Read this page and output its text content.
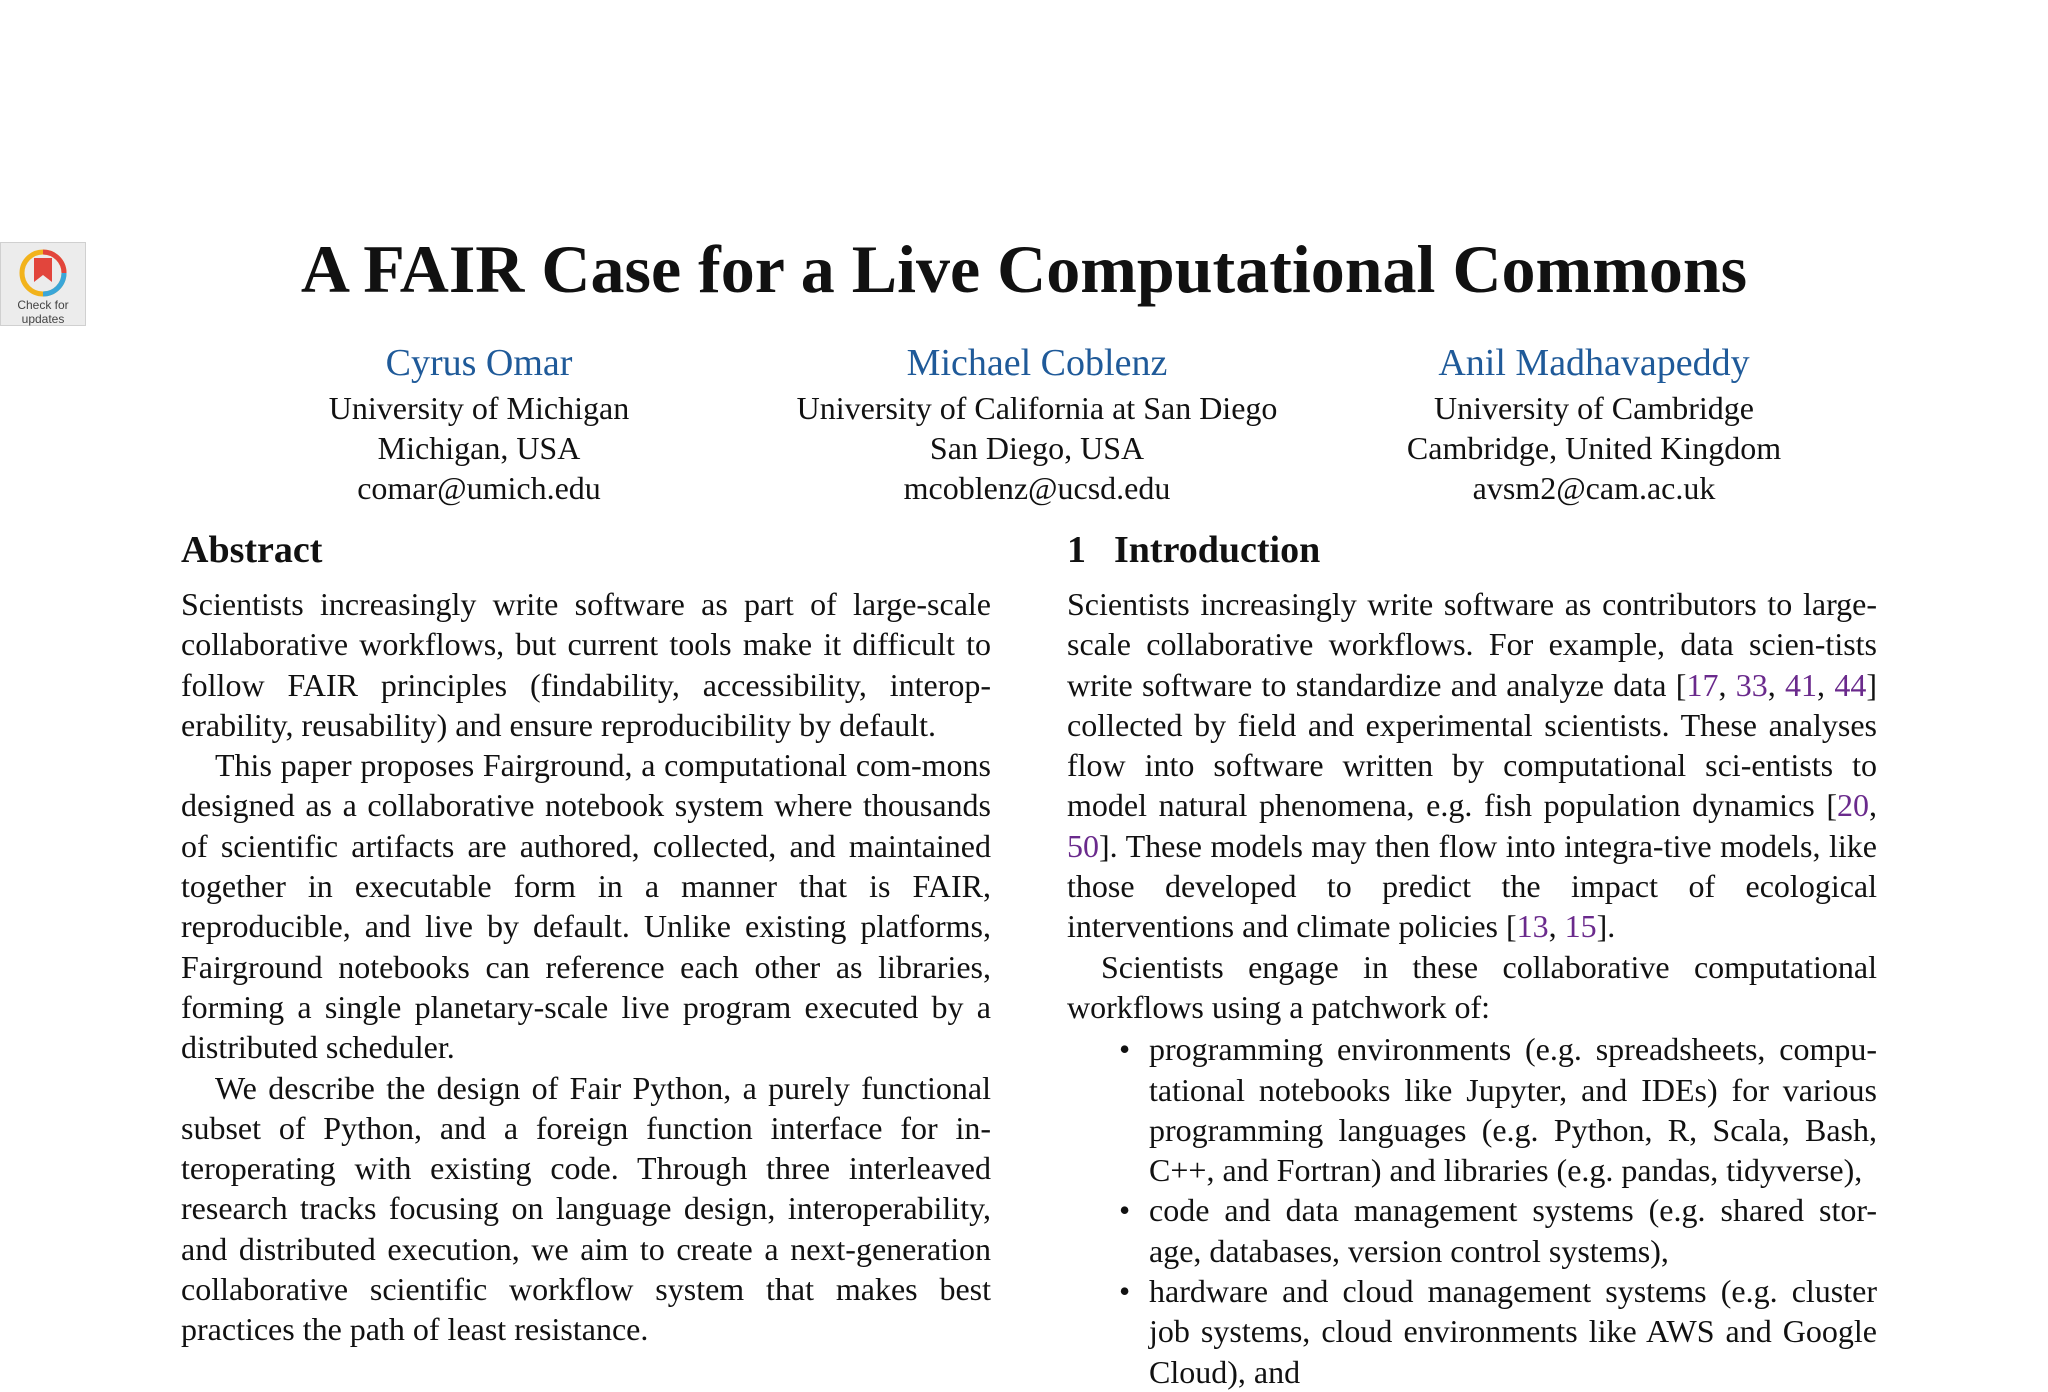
Check for
updates
A FAIR Case for a Live Computational Commons
Cyrus Omar
University of Michigan
Michigan, USA
comar@umich.edu
Michael Coblenz
University of California at San Diego
San Diego, USA
mcoblenz@ucsd.edu
Anil Madhavapeddy
University of Cambridge
Cambridge, United Kingdom
avsm2@cam.ac.uk
Abstract

Scientists increasingly write software as part of large-scale collaborative workflows, but current tools make it difficult to follow FAIR principles (findability, accessibility, interop-erability, reusability) and ensure reproducibility by default.

This paper proposes Fairground, a computational com-mons designed as a collaborative notebook system where thousands of scientific artifacts are authored, collected, and maintained together in executable form in a manner that is FAIR, reproducible, and live by default. Unlike existing platforms, Fairground notebooks can reference each other as libraries, forming a single planetary-scale live program executed by a distributed scheduler.

We describe the design of Fair Python, a purely functional subset of Python, and a foreign function interface for in-teroperating with existing code. Through three interleaved research tracks focusing on language design, interoperability, and distributed execution, we aim to create a next-generation collaborative scientific workflow system that makes best practices the path of least resistance.

1 Introduction

Scientists increasingly write software as contributors to large-scale collaborative workflows. For example, data scien-tists write software to standardize and analyze data [17, 33, 41, 44] collected by field and experimental scientists. These analyses flow into software written by computational sci-entists to model natural phenomena, e.g. fish population dynamics [20, 50]. These models may then flow into integra-tive models, like those developed to predict the impact of ecological interventions and climate policies [13, 15].

Scientists engage in these collaborative computational workflows using a patchwork of:

• programming environments (e.g. spreadsheets, compu-tational notebooks like Jupyter, and IDEs) for various programming languages (e.g. Python, R, Scala, Bash, C++, and Fortran) and libraries (e.g. pandas, tidyverse),
• code and data management systems (e.g. shared stor-age, databases, version control systems),
• hardware and cloud management systems (e.g. cluster job systems, cloud environments like AWS and Google Cloud), and
